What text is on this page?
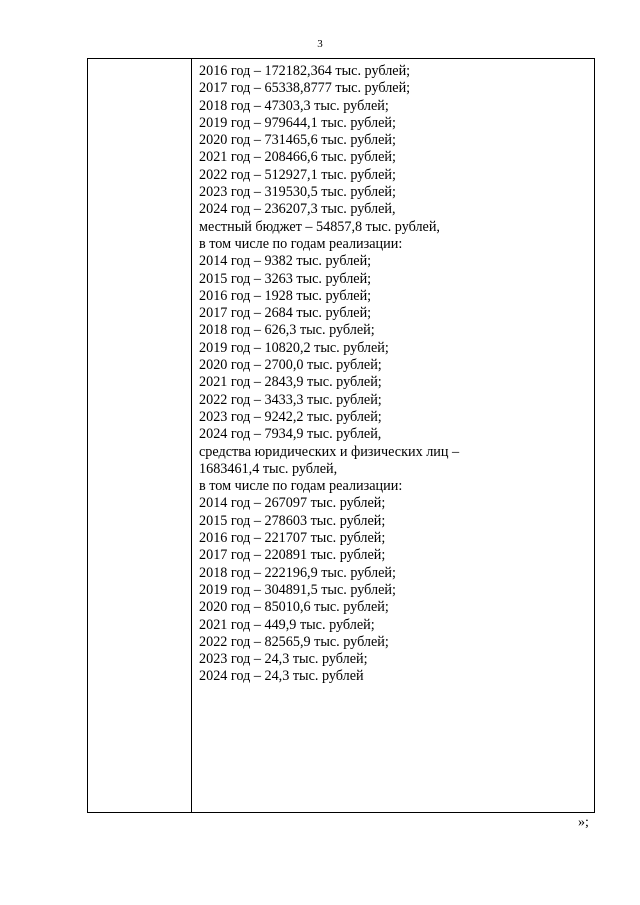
3
2016 год – 172182,364 тыс. рублей;
2017 год – 65338,8777 тыс. рублей;
2018 год – 47303,3 тыс. рублей;
2019 год – 979644,1 тыс. рублей;
2020 год – 731465,6 тыс. рублей;
2021 год – 208466,6 тыс. рублей;
2022 год – 512927,1 тыс. рублей;
2023 год – 319530,5 тыс. рублей;
2024 год – 236207,3 тыс. рублей,
местный бюджет – 54857,8 тыс. рублей,
в том числе по годам реализации:
2014 год – 9382 тыс. рублей;
2015 год – 3263 тыс. рублей;
2016 год – 1928 тыс. рублей;
2017 год – 2684 тыс. рублей;
2018 год – 626,3 тыс. рублей;
2019 год – 10820,2 тыс. рублей;
2020 год – 2700,0 тыс. рублей;
2021 год – 2843,9 тыс. рублей;
2022 год – 3433,3 тыс. рублей;
2023 год – 9242,2 тыс. рублей;
2024 год – 7934,9 тыс. рублей,
средства юридических и физических лиц –
1683461,4 тыс. рублей,
в том числе по годам реализации:
2014 год – 267097 тыс. рублей;
2015 год – 278603 тыс. рублей;
2016 год – 221707 тыс. рублей;
2017 год – 220891 тыс. рублей;
2018 год – 222196,9 тыс. рублей;
2019 год – 304891,5 тыс. рублей;
2020 год – 85010,6 тыс. рублей;
2021 год – 449,9 тыс. рублей;
2022 год – 82565,9 тыс. рублей;
2023 год – 24,3 тыс. рублей;
2024 год – 24,3 тыс. рублей
»;
